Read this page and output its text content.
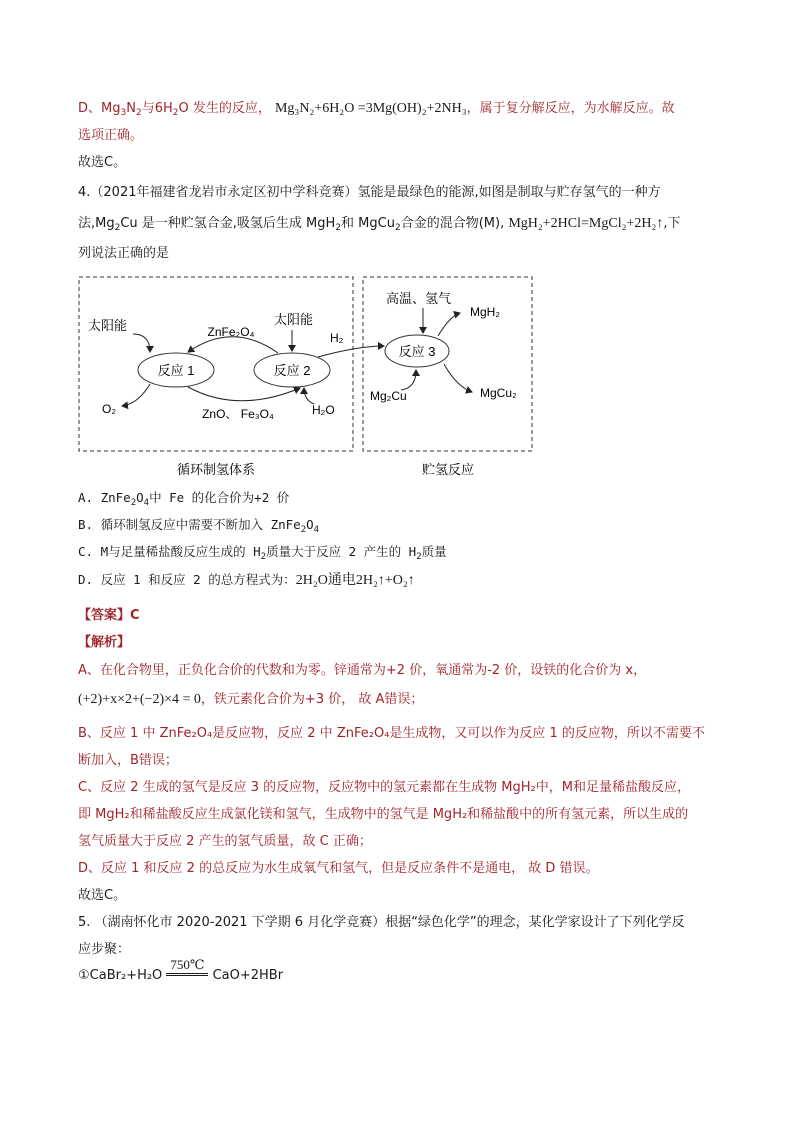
D、$Mg_3N_2$与$6H_2O$ 发生的反应， Mg₃N₂+6H₂O =3Mg(OH)₂+2NH₃，属于复分解反应，为水解反应。故
选项正确。
故选C。
4.（2021年福建省龙岩市永定区初中学科竞赛）氢能是最绿色的能源,如图是制取与贮存氢气的一种方
法$,Mg_2Cu$ 是一种贮氢合金,吸氢后生成 MgH$_2$和 MgCu$_2$合金的混合物(M), MgH₂+2HCl=MgCl₂+2H₂↑,下
列说法正确的是
反应 1	反应 2
反应 3
ZnFe₂O₄
ZnO、 Fe₃O₄
太阳能	太阳能
O₂	H₂O
H₂
高温、氢气
MgH₂
Mg₂Cu	MgCu₂
循环制氢体系	贮氢反应
A. $ZnFe_2O_4$中 Fe 的化合价为+2 价
B. 循环制氢反应中需要不断加入 $ZnFe_2O_4$
C. M与足量稀盐酸反应生成的 $H_2$质量大于反应 2 产生的 $H_2$质量
D. 反应 1 和反应 2 的总方程式为：2H₂O通电2H₂↑+O₂↑
【答案】C
【解析】
A、在化合物里，正负化合价的代数和为零。锌通常为+2 价，氧通常为-2 价，设铁的化合价为 x，
(+2)+x×2+(−2)×4 = 0，铁元素化合价为+3 价， 故 A错误；
B、反应 1 中 ZnFe₂O₄是反应物，反应 2 中 ZnFe₂O₄是生成物，又可以作为反应 1 的反应物，所以不需要不
断加入，B错误；
C、反应 2 生成的氢气是反应 3 的反应物，反应物中的氢元素都在生成物 MgH₂中，M和足量稀盐酸反应，
即 MgH₂和稀盐酸反应生成氯化镁和氢气，生成物中的氢气是 MgH₂和稀盐酸中的所有氢元素，所以生成的
氢气质量大于反应 2 产生的氢气质量，故 C 正确；
D、反应 1 和反应 2 的总反应为水生成氧气和氢气，但是反应条件不是通电， 故 D 错误。
故选C。
5. （湖南怀化市 2020-2021 下学期 6 月化学竞赛）根据“绿色化学”的理念，某化学家设计了下列化学反
应步聚：
①CaBr₂+H₂O
750℃
CaO+2HBr
